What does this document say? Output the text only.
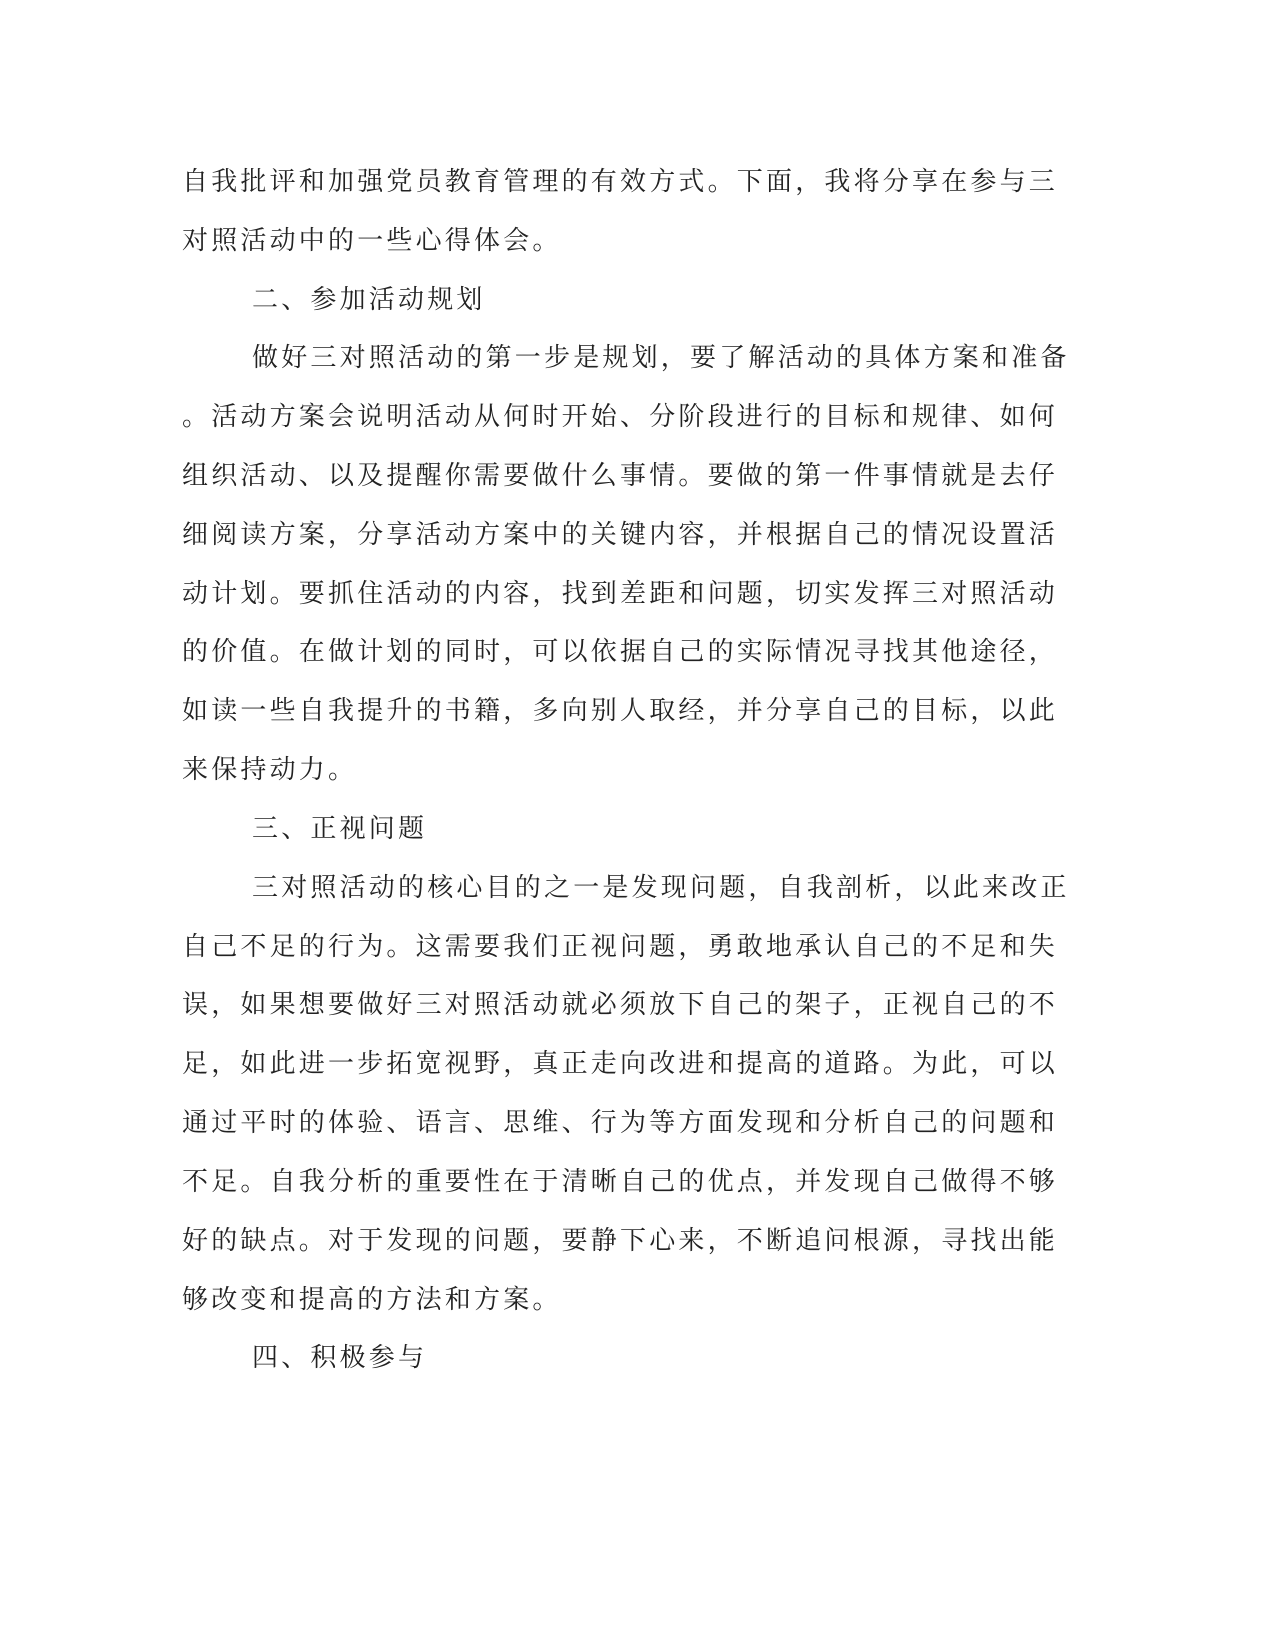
自我批评和加强党员教育管理的有效方式。下面，我将分享在参与三
对照活动中的一些心得体会。
二、参加活动规划
做好三对照活动的第一步是规划，要了解活动的具体方案和准备
。活动方案会说明活动从何时开始、分阶段进行的目标和规律、如何
组织活动、以及提醒你需要做什么事情。要做的第一件事情就是去仔
细阅读方案，分享活动方案中的关键内容，并根据自己的情况设置活
动计划。要抓住活动的内容，找到差距和问题，切实发挥三对照活动
的价值。在做计划的同时，可以依据自己的实际情况寻找其他途径，
如读一些自我提升的书籍，多向别人取经，并分享自己的目标，以此
来保持动力。
三、正视问题
三对照活动的核心目的之一是发现问题，自我剖析，以此来改正
自己不足的行为。这需要我们正视问题，勇敢地承认自己的不足和失
误，如果想要做好三对照活动就必须放下自己的架子，正视自己的不
足，如此进一步拓宽视野，真正走向改进和提高的道路。为此，可以
通过平时的体验、语言、思维、行为等方面发现和分析自己的问题和
不足。自我分析的重要性在于清晰自己的优点，并发现自己做得不够
好的缺点。对于发现的问题，要静下心来，不断追问根源，寻找出能
够改变和提高的方法和方案。
四、积极参与
